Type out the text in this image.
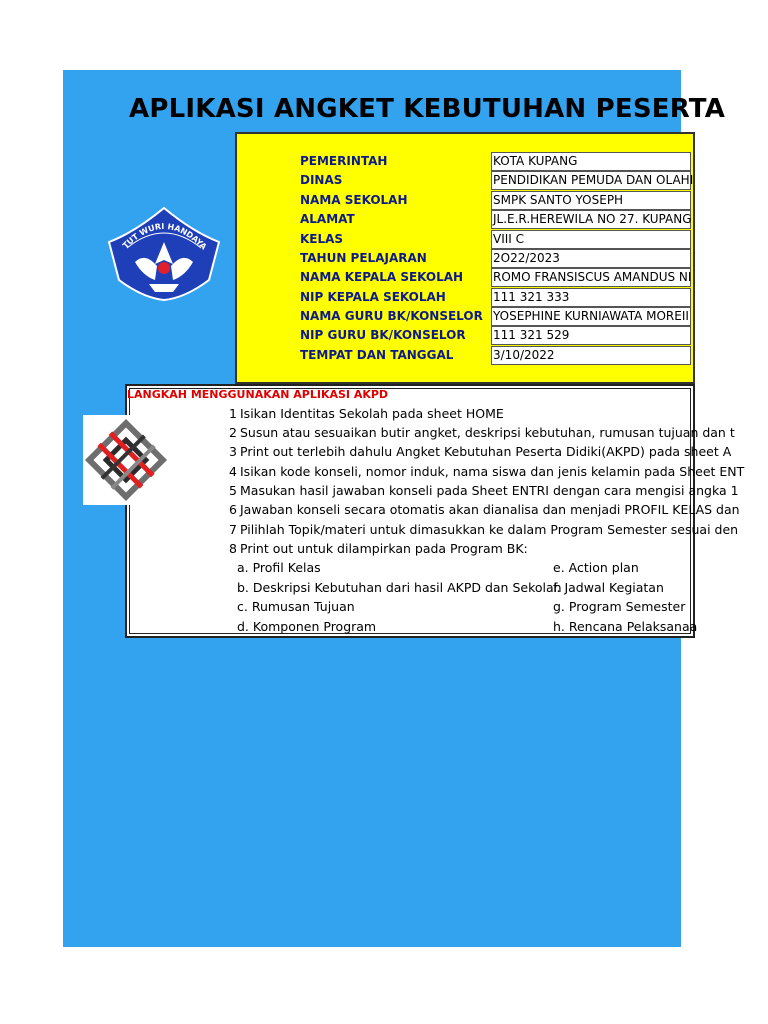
APLIKASI ANGKET KEBUTUHAN PESERTA
TUT WURI HANDAYA
PEMERINTAH
DINAS
NAMA SEKOLAH
ALAMAT
KELAS
TAHUN PELAJARAN
NAMA KEPALA SEKOLAH
NIP KEPALA SEKOLAH
NAMA GURU BK/KONSELOR
NIP GURU BK/KONSELOR
TEMPAT DAN TANGGAL
KOTA KUPANG
PENDIDIKAN PEMUDA DAN OLAHI
SMPK SANTO YOSEPH
JL.E.R.HEREWILA NO 27. KUPANG
VIII C
2O22/2023
ROMO FRANSISCUS AMANDUS NI
111 321 333
YOSEPHINE KURNIAWATA MOREII
111 321 529
3/10/2022
LANGKAH MENGGUNAKAN APLIKASI AKPD
1 Isikan Identitas Sekolah pada sheet HOME
2 Susun atau sesuaikan butir angket, deskripsi kebutuhan, rumusan tujuan dan t
3 Print out terlebih dahulu Angket Kebutuhan Peserta Didiki(AKPD) pada sheet A
4 Isikan kode konseli, nomor induk, nama siswa dan jenis kelamin pada Sheet ENT
5 Masukan hasil jawaban konseli pada Sheet ENTRI dengan cara mengisi angka 1
6 Jawaban konseli secara otomatis akan dianalisa dan menjadi PROFIL KELAS dan
7 Pilihlah Topik/materi untuk dimasukkan ke dalam Program Semester sesuai den
8 Print out untuk dilampirkan pada Program BK:
a. Profil Kelas
b. Deskripsi Kebutuhan dari hasil AKPD dan Sekolah
c. Rumusan Tujuan
d. Komponen Program
e. Action plan
f. Jadwal Kegiatan
g. Program Semester
h. Rencana Pelaksanaa
